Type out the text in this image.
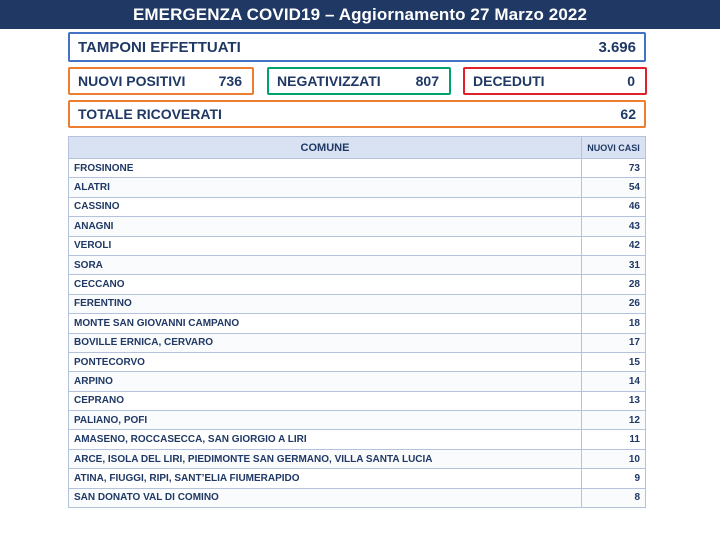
EMERGENZA COVID19 – Aggiornamento 27 Marzo 2022
TAMPONI EFFETTUATI	3.696
NUOVI POSITIVI 736	NEGATIVIZZATI 807 DECEDUTI	0
TOTALE RICOVERATI	62
COMUNE	NUOVI CASI
FROSINONE	73
ALATRI	54
CASSINO	46
ANAGNI	43
VEROLI	42
SORA	31
CECCANO	28
FERENTINO	26
MONTE SAN GIOVANNI CAMPANO	18
BOVILLE ERNICA, CERVARO	17
PONTECORVO	15
ARPINO	14
CEPRANO	13
PALIANO, POFI	12
AMASENO, ROCCASECCA, SAN GIORGIO A LIRI	11
ARCE, ISOLA DEL LIRI, PIEDIMONTE SAN GERMANO, VILLA SANTA LUCIA	10
ATINA, FIUGGI, RIPI, SANT’ELIA FIUMERAPIDO	9
SAN DONATO VAL DI COMINO	8
